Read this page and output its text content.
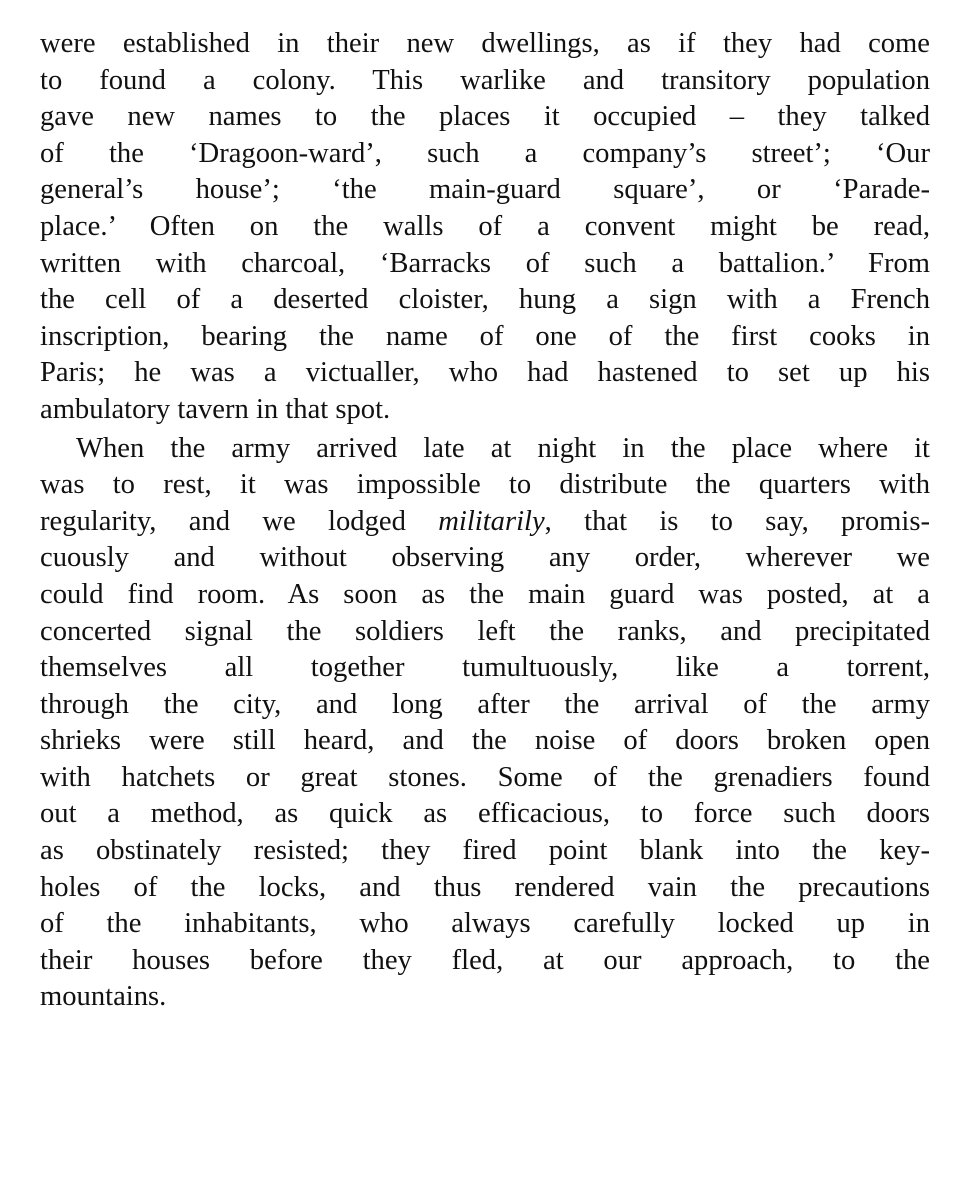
were established in their new dwellings, as if they had come
to found a colony. This warlike and transitory population
gave new names to the places it occupied – they talked
of the ‘Dragoon-ward’, such a company’s street’; ‘Our
general’s house’; ‘the main-guard square’, or ‘Parade-
place.’ Often on the walls of a convent might be read,
written with charcoal, ‘Barracks of such a battalion.’ From
the cell of a deserted cloister, hung a sign with a French
inscription, bearing the name of one of the first cooks in
Paris; he was a victualler, who had hastened to set up his
ambulatory tavern in that spot.
When the army arrived late at night in the place where it
was to rest, it was impossible to distribute the quarters with
regularity, and we lodged militarily, that is to say, promis-
cuously and without observing any order, wherever we
could find room. As soon as the main guard was posted, at a
concerted signal the soldiers left the ranks, and precipitated
themselves all together tumultuously, like a torrent,
through the city, and long after the arrival of the army
shrieks were still heard, and the noise of doors broken open
with hatchets or great stones. Some of the grenadiers found
out a method, as quick as efficacious, to force such doors
as obstinately resisted; they fired point blank into the key-
holes of the locks, and thus rendered vain the precautions
of the inhabitants, who always carefully locked up in
their houses before they fled, at our approach, to the
mountains.
